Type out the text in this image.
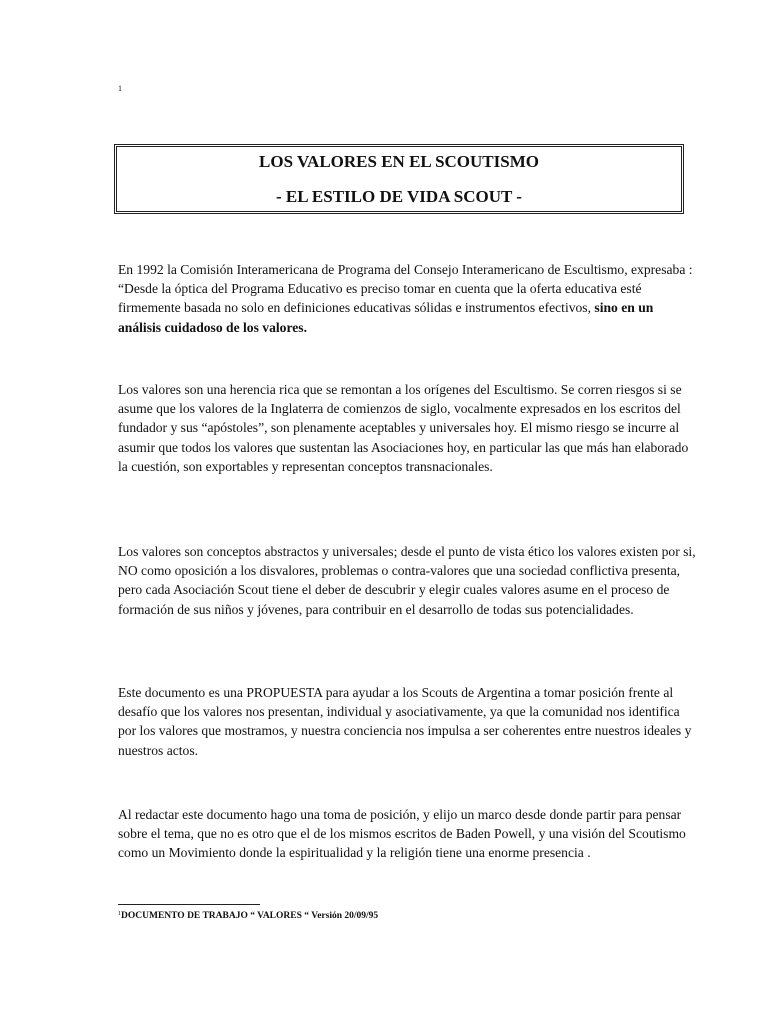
1
LOS VALORES EN EL SCOUTISMO
- EL ESTILO DE VIDA SCOUT -

En 1992 la Comisión Interamericana de Programa del Consejo Interamericano de Escultismo, expresaba : “Desde la óptica del Programa Educativo es preciso tomar en cuenta que la oferta educativa esté firmemente basada no solo en definiciones educativas sólidas e instrumentos efectivos, sino en un análisis cuidadoso de los valores.

Los valores son una herencia rica que se remontan a los orígenes del Escultismo. Se corren riesgos si se asume que los valores de la Inglaterra de comienzos de siglo, vocalmente expresados en los escritos del fundador y sus “apóstoles”, son plenamente aceptables y universales hoy. El mismo riesgo se incurre al asumir que todos los valores que sustentan las Asociaciones hoy, en particular las que más han elaborado la cuestión, son exportables y representan conceptos transnacionales.

Los valores son conceptos abstractos y universales; desde el punto de vista ético los valores existen por si, NO como oposición a los disvalores, problemas o contra-valores que una sociedad conflictiva presenta, pero cada Asociación Scout tiene el deber de descubrir y elegir cuales valores asume en el proceso de formación de sus niños y jóvenes, para contribuir en el desarrollo de todas sus potencialidades.

Este documento es una PROPUESTA para ayudar a los Scouts de Argentina a tomar posición frente al desafío que los valores nos presentan, individual y asociativamente, ya que la comunidad nos identifica por los valores que mostramos, y nuestra conciencia nos impulsa a ser coherentes entre nuestros ideales y nuestros actos.

Al redactar este documento hago una toma de posición, y elijo un marco desde donde partir para pensar sobre el tema, que no es otro que el de los mismos escritos de Baden Powell, y una visión del Scoutismo como un Movimiento donde la espiritualidad y la religión tiene una enorme presencia .

$^1$DOCUMENTO DE TRABAJO “ VALORES “ Versión 20/09/95
